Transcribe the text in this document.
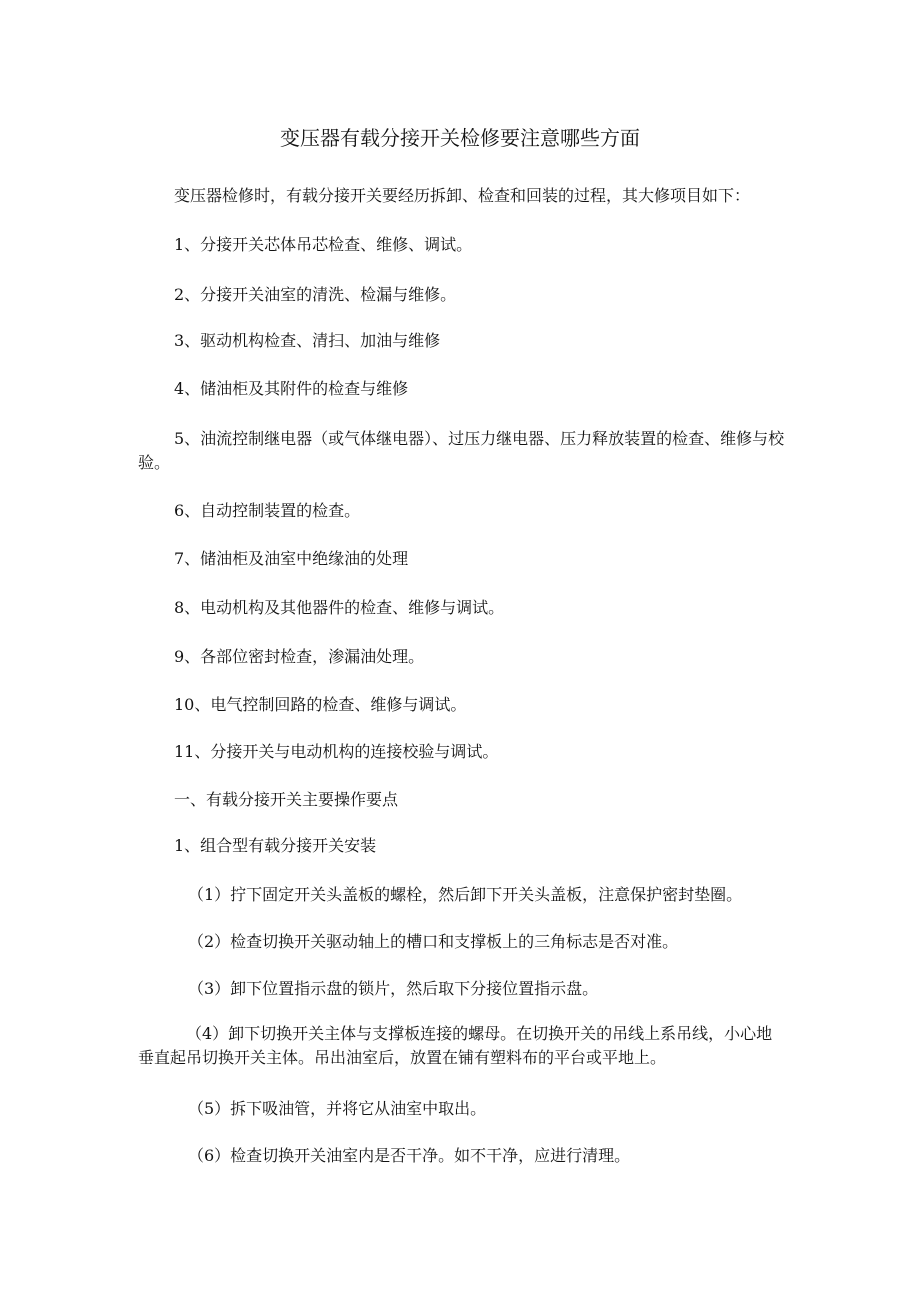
变压器有载分接开关检修要注意哪些方面
变压器检修时，有载分接开关要经历拆卸、检查和回装的过程，其大修项目如下：
1、分接开关芯体吊芯检查、维修、调试。
2、分接开关油室的清洗、检漏与维修。
3、驱动机构检查、清扫、加油与维修
4、储油柜及其附件的检查与维修
5、油流控制继电器（或气体继电器）、过压力继电器、压力释放装置的检查、维修与校验。
6、自动控制装置的检查。
7、储油柜及油室中绝缘油的处理
8、电动机构及其他器件的检查、维修与调试。
9、各部位密封检查，渗漏油处理。
10、电气控制回路的检查、维修与调试。
11、分接开关与电动机构的连接校验与调试。
一、有载分接开关主要操作要点
1、组合型有载分接开关安装
（1）拧下固定开关头盖板的螺栓，然后卸下开关头盖板，注意保护密封垫圈。
（2）检查切换开关驱动轴上的槽口和支撑板上的三角标志是否对准。
（3）卸下位置指示盘的锁片，然后取下分接位置指示盘。
（4）卸下切换开关主体与支撑板连接的螺母。在切换开关的吊线上系吊线，小心地垂直起吊切换开关主体。吊出油室后，放置在铺有塑料布的平台或平地上。
（5）拆下吸油管，并将它从油室中取出。
（6）检查切换开关油室内是否干净。如不干净，应进行清理。
